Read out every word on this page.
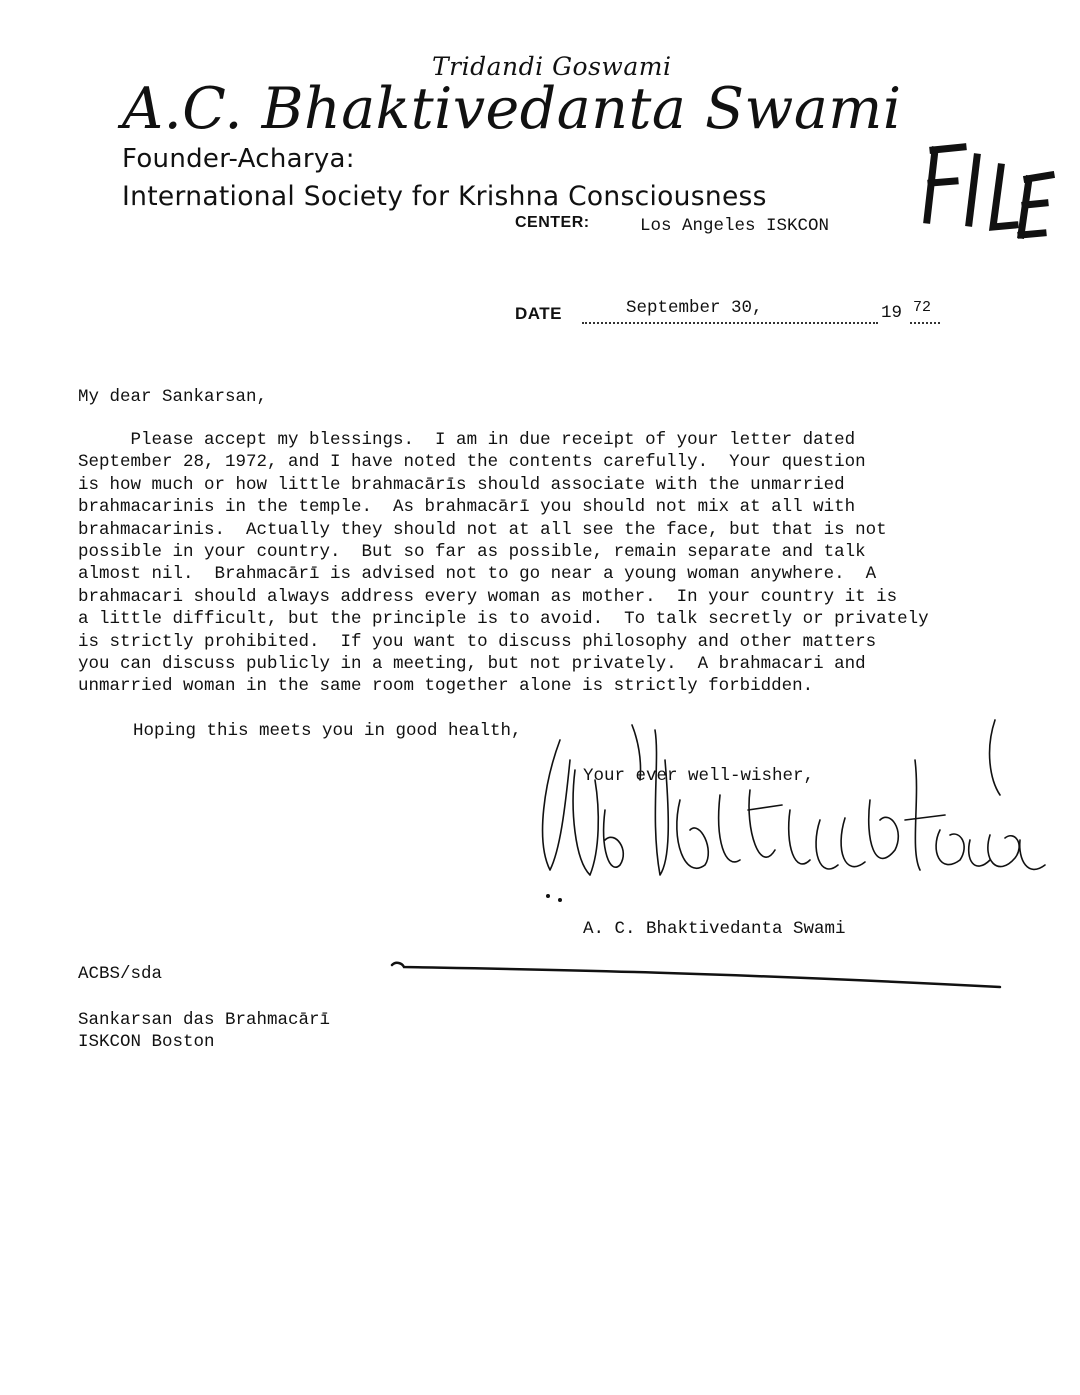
Tridandi Goswami
A.C. Bhaktivedanta Swami
Founder-Acharya:
International Society for Krishna Consciousness
CENTER:	Los Angeles ISKCON
DATE	September 30,	19 72
My dear Sankarsan,
Please accept my blessings.  I am in due receipt of your letter dated
September 28, 1972, and I have noted the contents carefully.  Your question
is how much or how little brahmacārīs should associate with the unmarried
brahmacarinis in the temple.  As brahmacārī you should not mix at all with
brahmacarinis.  Actually they should not at all see the face, but that is not
possible in your country.  But so far as possible, remain separate and talk
almost nil.  Brahmacārī is advised not to go near a young woman anywhere.  A
brahmacari should always address every woman as mother.  In your country it is
a little difficult, but the principle is to avoid.  To talk secretly or privately
is strictly prohibited.  If you want to discuss philosophy and other matters
you can discuss publicly in a meeting, but not privately.  A brahmacari and
unmarried woman in the same room together alone is strictly forbidden.
Hoping this meets you in good health,
Your ever well-wisher,
A. C. Bhaktivedanta Swami
ACBS/sda
Sankarsan das Brahmacārī
ISKCON Boston
